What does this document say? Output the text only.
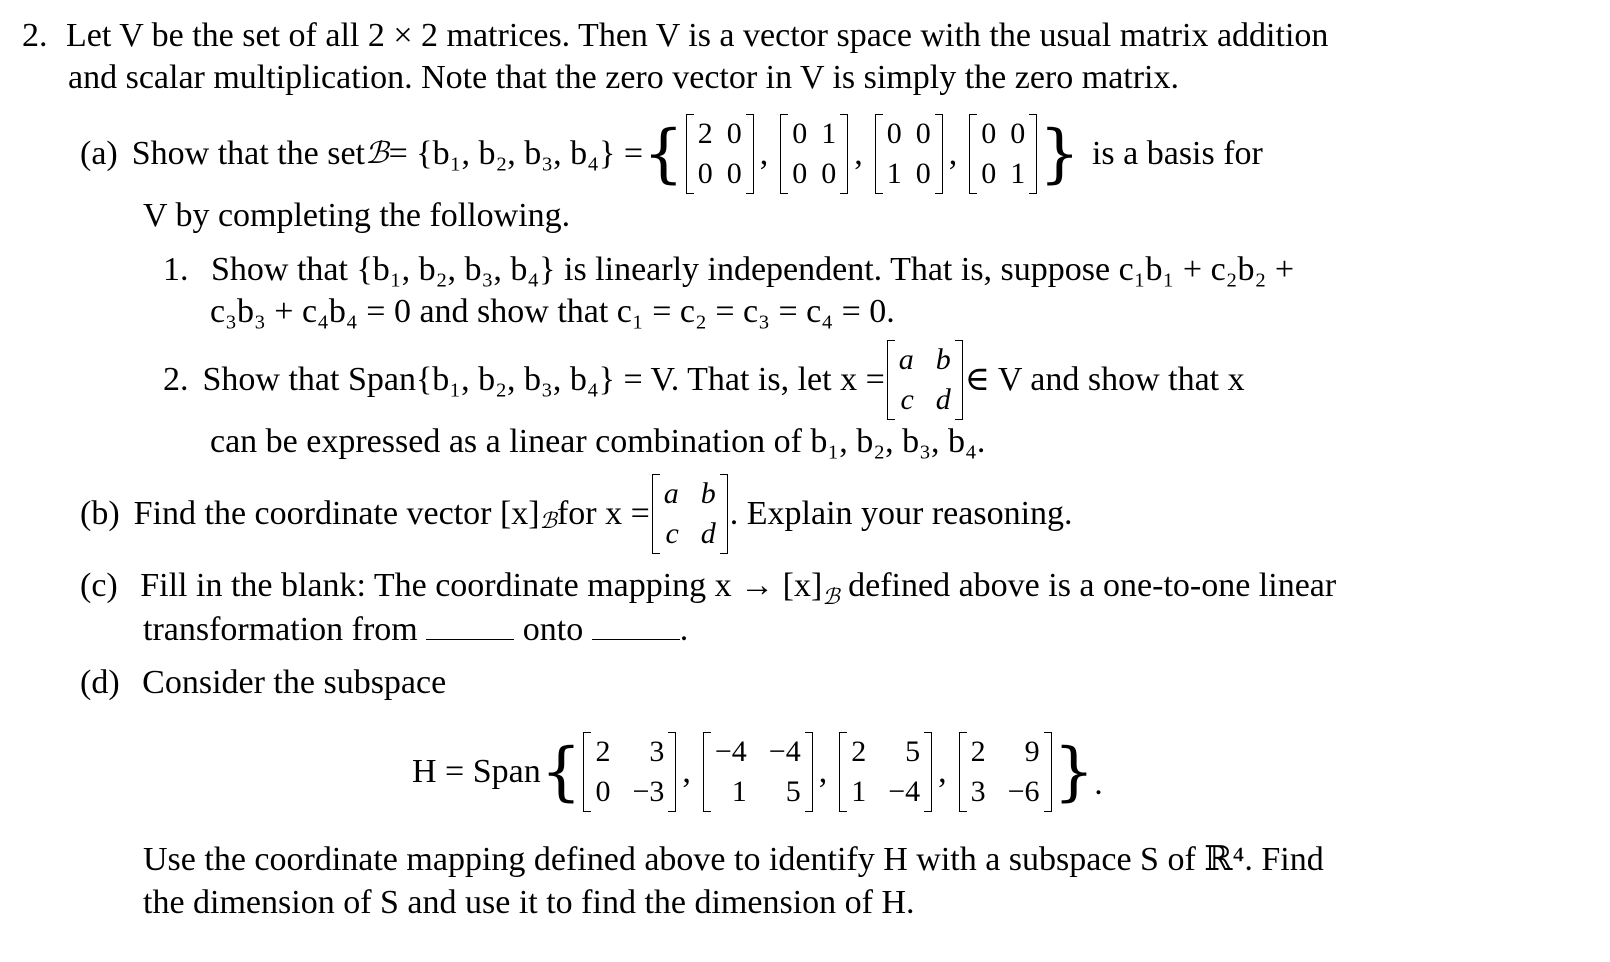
2. Let V be the set of all 2 × 2 matrices. Then V is a vector space with the usual matrix addition
and scalar multiplication. Note that the zero vector in V is simply the zero matrix.
(a) Show that the set ℬ = {b₁, b₂, b₃, b₄} = { 2 0
0 0
,
0 1
0 0
,
0 0
1 0
,
0 0
0 1 } is a basis for
V by completing the following.
1. Show that {b₁, b₂, b₃, b₄} is linearly independent. That is, suppose c₁b₁ + c₂b₂ +
c₃b₃ + c₄b₄ = 0 and show that c₁ = c₂ = c₃ = c₄ = 0.
2. Show that Span{b₁, b₂, b₃, b₄} = V. That is, let x =
a b
c d
∈ V and show that x
can be expressed as a linear combination of b₁, b₂, b₃, b₄.
(b) Find the coordinate vector [x] ℬ for x =
a b
c d
. Explain your reasoning.
(c) Fill in the blank: The coordinate mapping $x \to [x]_ℬ$ defined above is a one-to-one linear
transformation from	onto	.
(d) Consider the subspace
H = Span { 2	3
0 −3
,
−4 −4
1	5
,
2	5
1 −4
,
2	9
3 −6 } .
Use the coordinate mapping defined above to identify H with a subspace S of ℝ⁴. Find
the dimension of S and use it to find the dimension of H.
